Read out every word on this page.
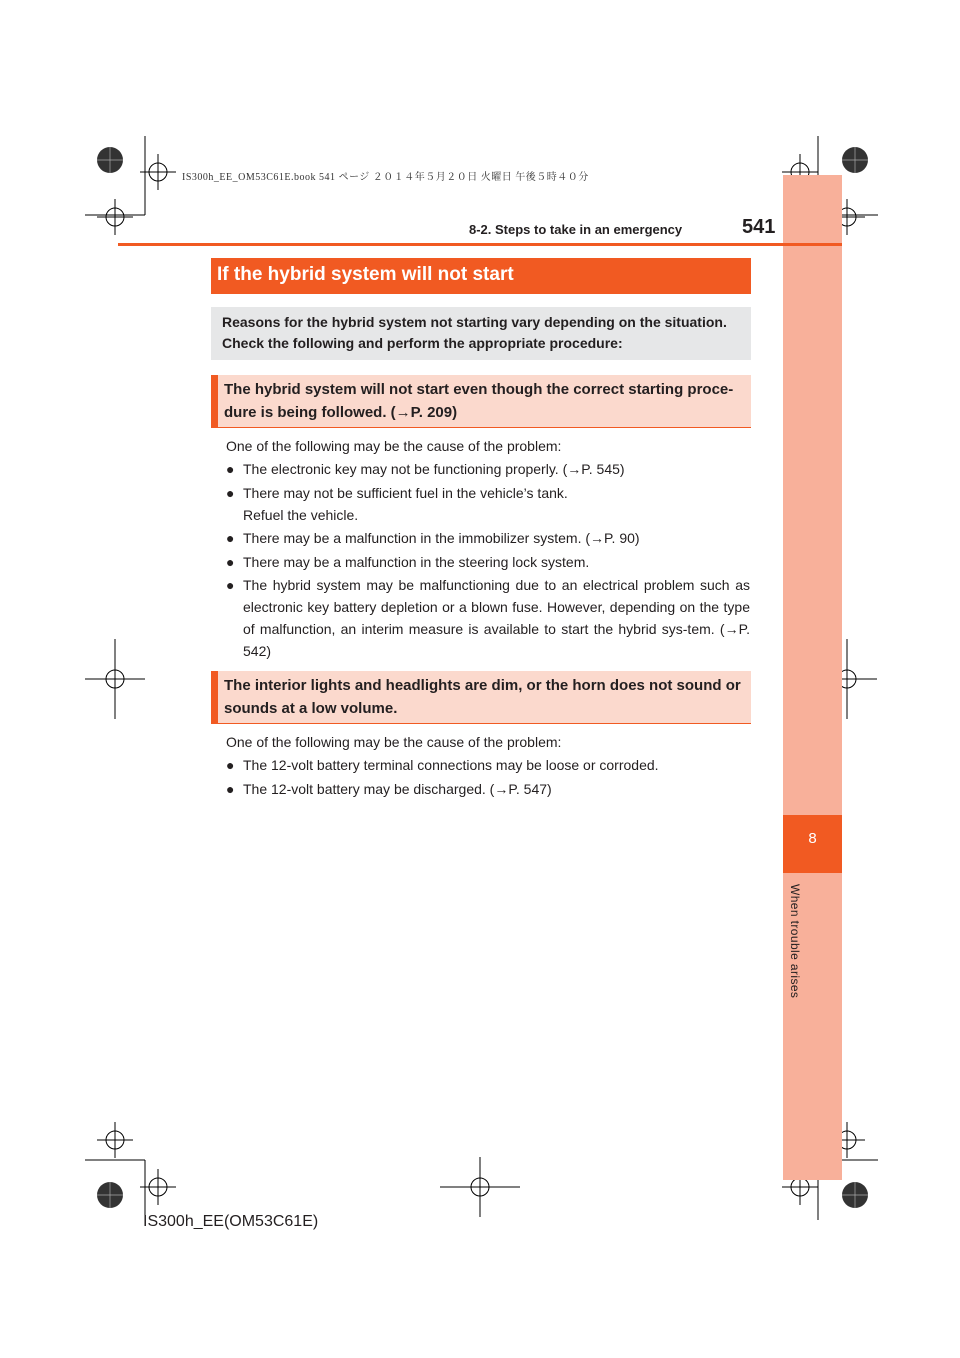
IS300h_EE_OM53C61E.book 541 ページ ２０１４年５月２０日 火曜日 午後５時４０分
8
When trouble arises
8-2. Steps to take in an emergency	541
If the hybrid system will not start
Reasons for the hybrid system not starting vary depending on the situation.
Check the following and perform the appropriate procedure:
The hybrid system will not start even though the correct starting proce-
dure is being followed. (→P. 209)
One of the following may be the cause of the problem:
● The electronic key may not be functioning properly. (→P. 545)
● There may not be sufficient fuel in the vehicle’s tank.
Refuel the vehicle.
● There may be a malfunction in the immobilizer system. (→P. 90)
● There may be a malfunction in the steering lock system.
● The hybrid system may be malfunctioning due to an electrical problem such as electronic key battery depletion or a blown fuse. However, depending on the type of malfunction, an interim measure is available to start the hybrid sys-tem. (→P. 542)
The interior lights and headlights are dim, or the horn does not sound or
sounds at a low volume.
One of the following may be the cause of the problem:
● The 12-volt battery terminal connections may be loose or corroded.
● The 12-volt battery may be discharged. (→P. 547)
IS300h_EE(OM53C61E)
